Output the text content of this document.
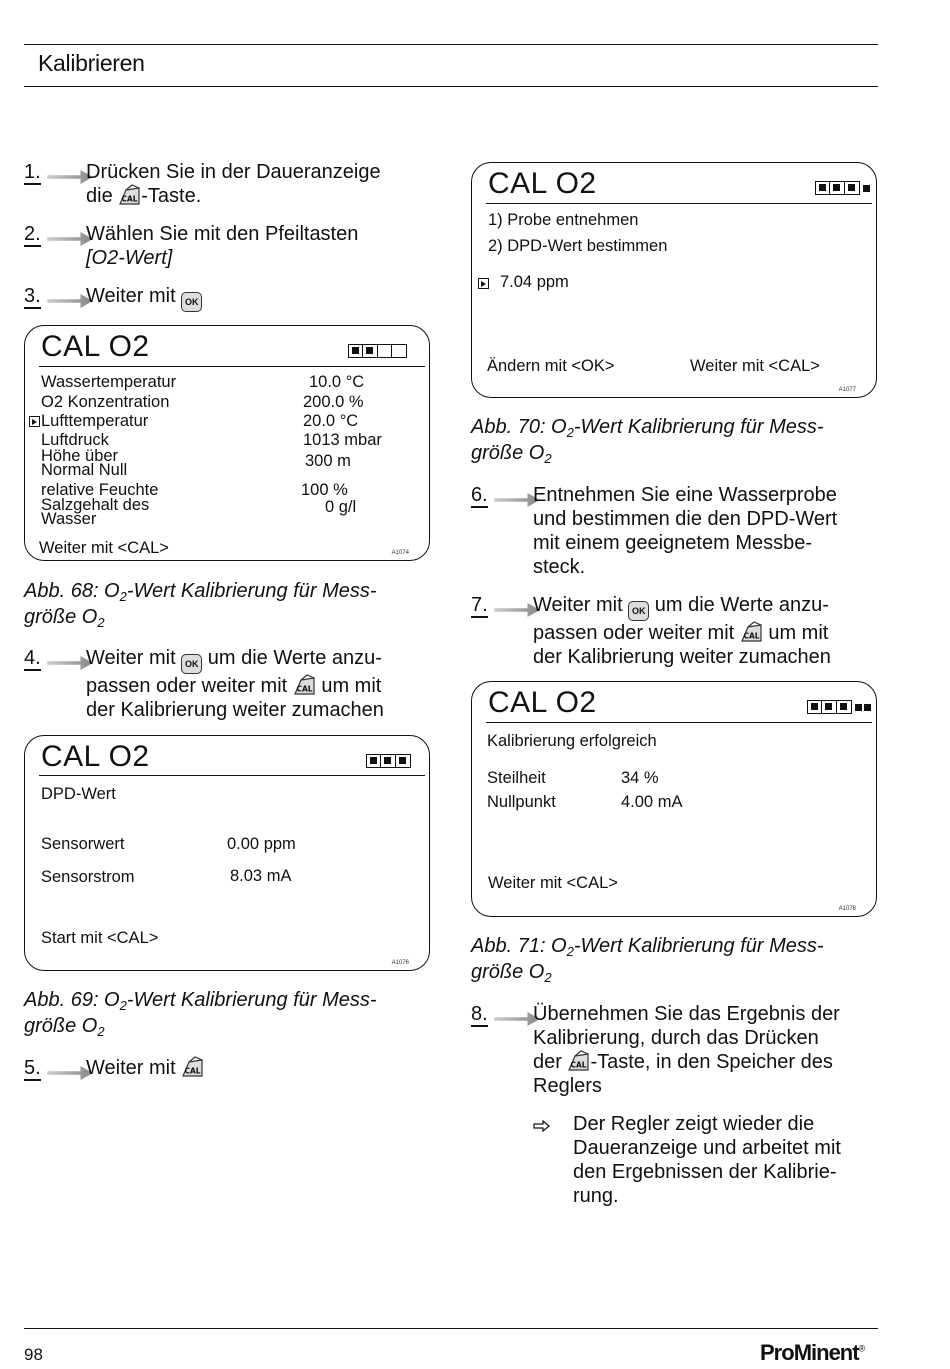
Kalibrieren
1.	Drücken Sie in der Daueranzeige
die -Taste.
2.	Wählen Sie mit den Pfeiltasten
[O2-Wert]
3.	Weiter mit OK
CAL O2
Wassertemperatur	10.0 °C
O2 Konzentration	200.0 %
Lufttemperatur	20.0 °C
Luftdruck	1013 mbar
Höhe über
Normal Null	300 m
relative Feuchte	100 %
Salzgehalt des
Wasser
0 g/l
Weiter mit <CAL>	A1074
Abb. 68: $O_2$-Wert Kalibrierung für Mess-
größe $O_2$
4.	Weiter mit OK um die Werte anzu-
passen oder weiter mit  um mit
der Kalibrierung weiter zumachen
CAL O2
DPD-Wert
Sensorwert	0.00 ppm
Sensorstrom	8.03 mA
Start mit <CAL>
A1076
Abb. 69: $O_2$-Wert Kalibrierung für Mess-
größe $O_2$
5.	Weiter mit
CAL O2
1) Probe entnehmen
2) DPD-Wert bestimmen
7.04 ppm
Ändern mit <OK>	Weiter mit <CAL>
A1077
Abb. 70: $O_2$-Wert Kalibrierung für Mess-
größe $O_2$
6.	Entnehmen Sie eine Wasserprobe
und bestimmen die den DPD-Wert
mit einem geeignetem Messbe-
steck.
7.	Weiter mit OK um die Werte anzu-
passen oder weiter mit  um mit
der Kalibrierung weiter zumachen
CAL O2
Kalibrierung erfolgreich
Steilheit	34 %
Nullpunkt	4.00 mA
Weiter mit <CAL>
A1078
Abb. 71: $O_2$-Wert Kalibrierung für Mess-
größe $O_2$
8.	Übernehmen Sie das Ergebnis der
Kalibrierung, durch das Drücken
der -Taste, in den Speicher des
Reglers
Der Regler zeigt wieder die
Daueranzeige und arbeitet mit
den Ergebnissen der Kalibrie-
rung.
98	ProMinent®
